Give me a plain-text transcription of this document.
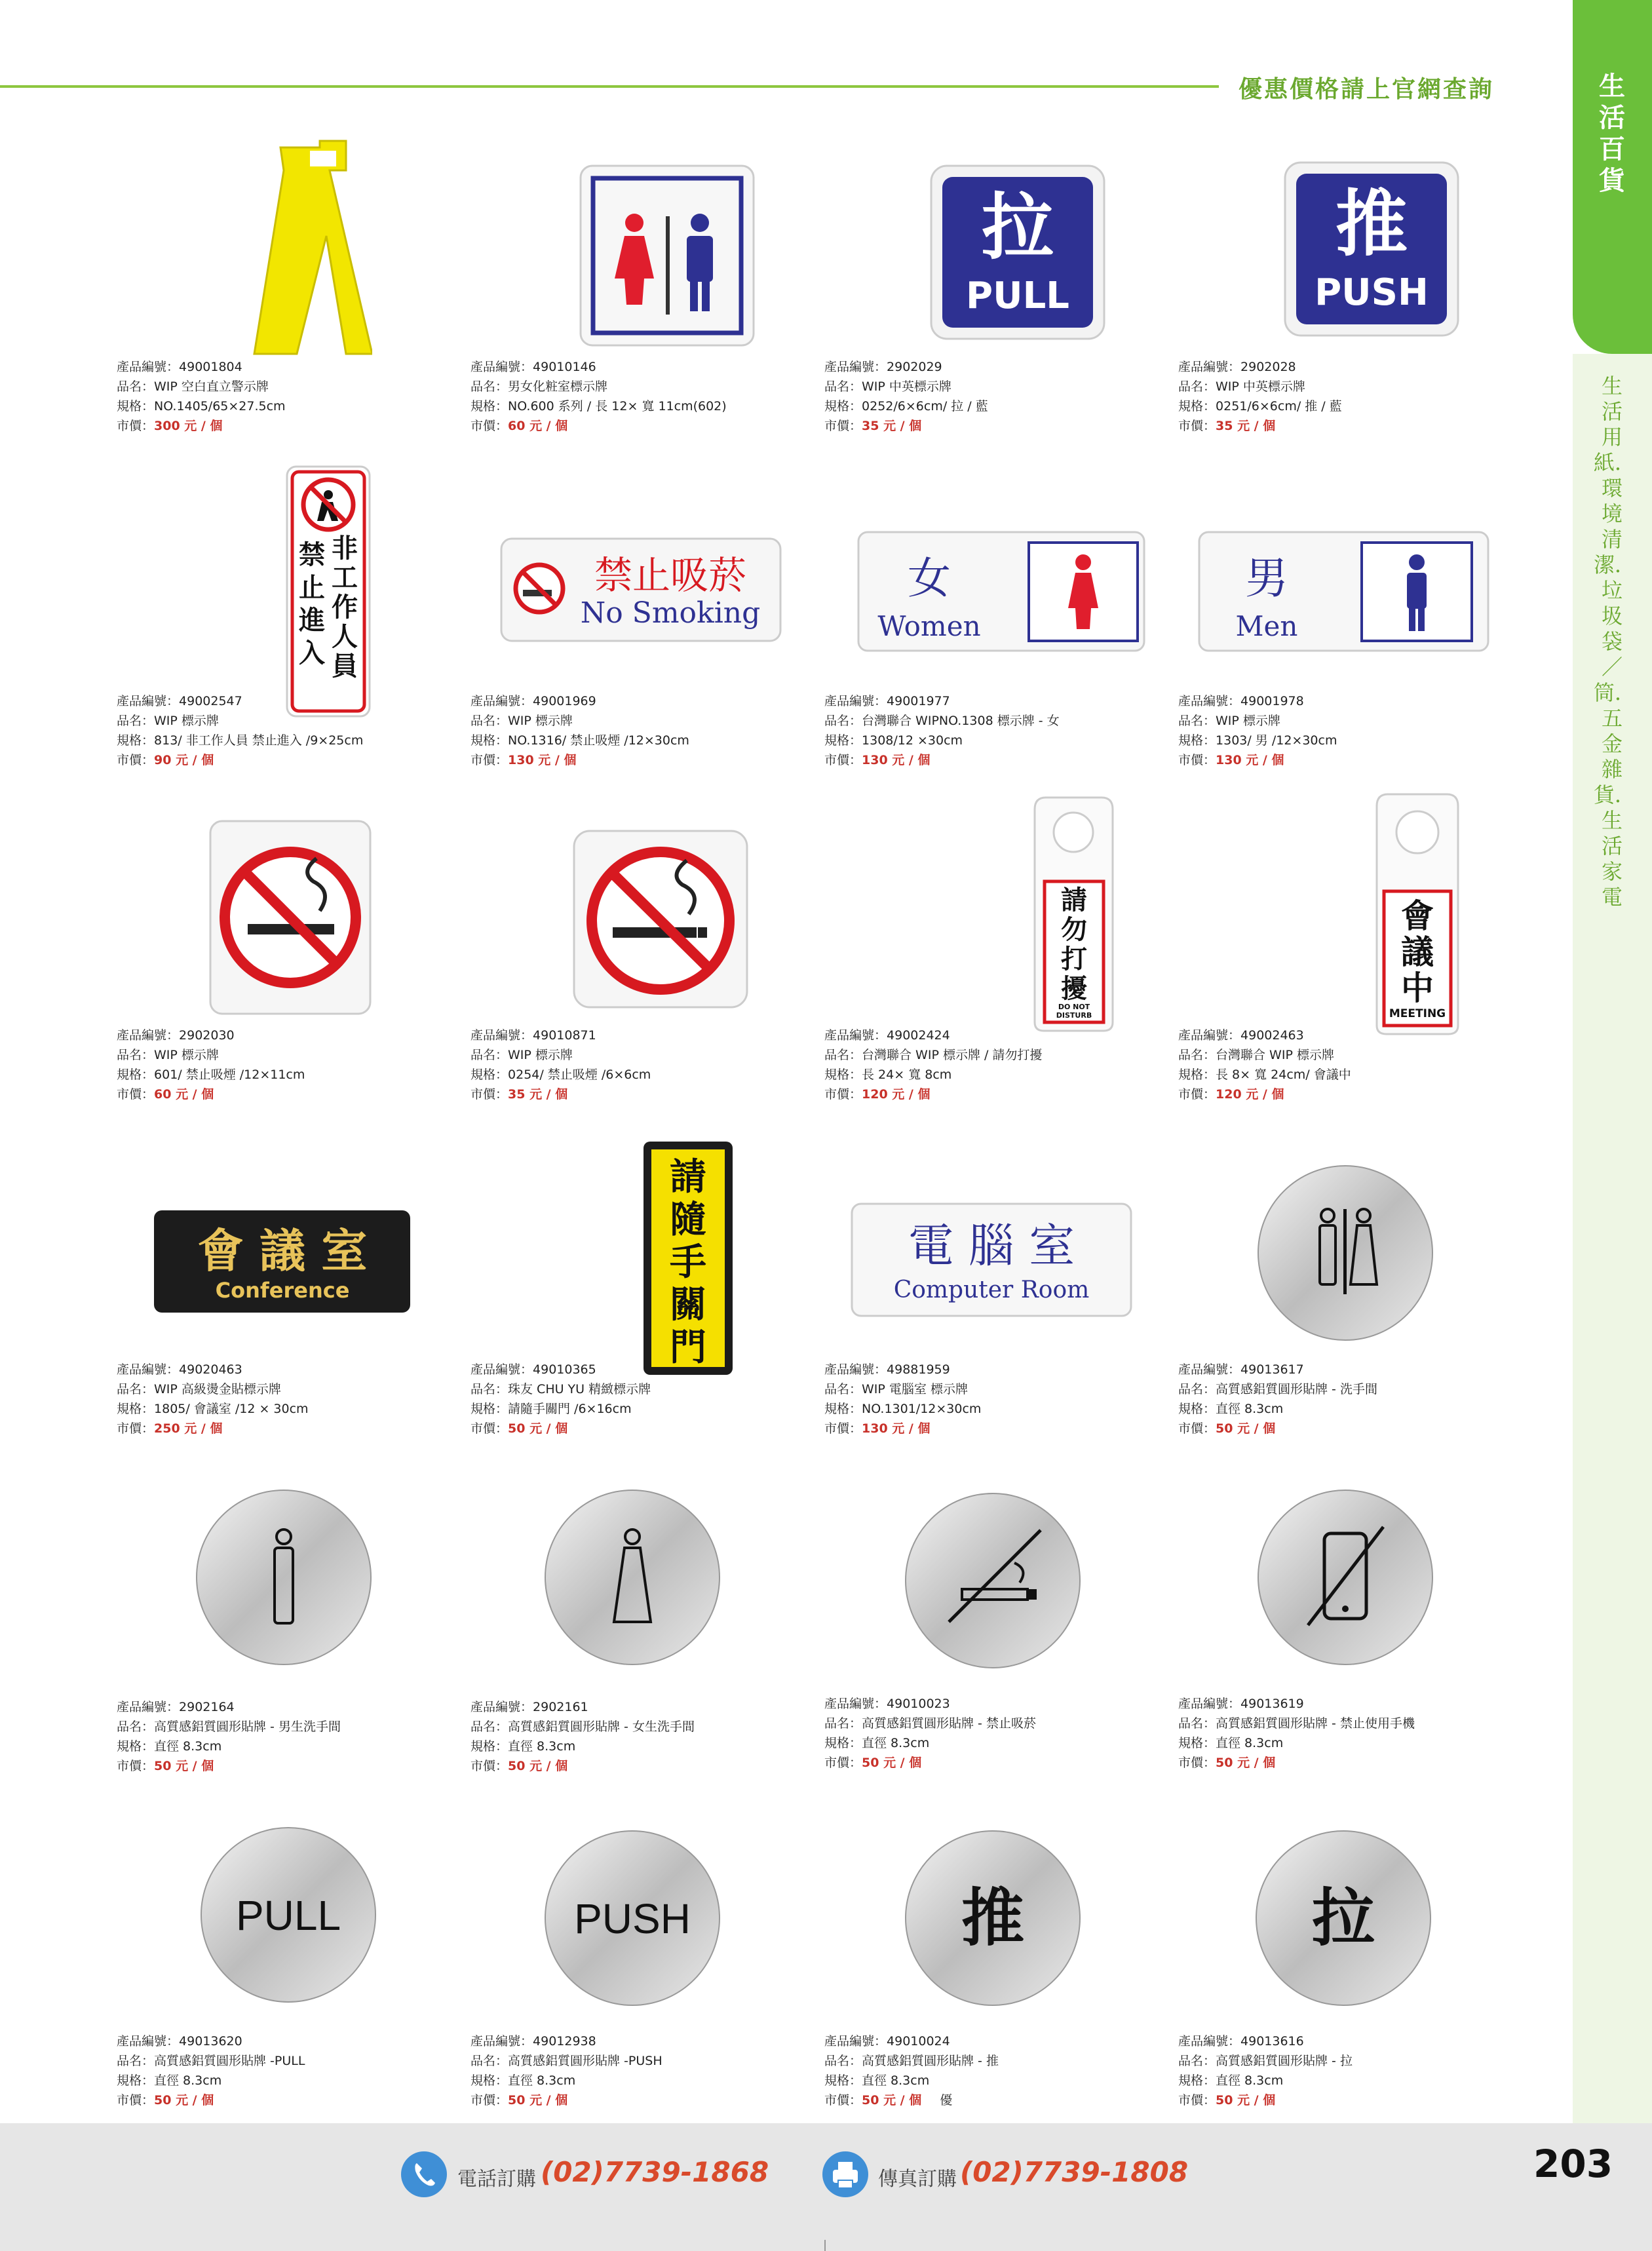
優惠價格請上官網查詢	生活百貨
生活用紙．環境清潔．垃圾袋／筒．五金雜貨．生活家電
產品編號：49001804
品名：WIP 空白直立警示牌
規格：NO.1405/65×27.5cm
市價：300 元 / 個
產品編號：49010146
品名：男女化粧室標示牌
規格：NO.600 系列 / 長 12× 寬 11cm(602)
市價：60 元 / 個
拉
PULL
產品編號：2902029
品名：WIP 中英標示牌
規格：0252/6×6cm/ 拉 / 藍
市價：35 元 / 個
推
PUSH
產品編號：2902028
品名：WIP 中英標示牌
規格：0251/6×6cm/ 推 / 藍
市價：35 元 / 個
非
工
作
人
員
禁
止
進
入
產品編號：49002547
品名：WIP 標示牌
規格：813/ 非工作人員 禁止進入 /9×25cm
市價：90 元 / 個
禁止吸菸
No Smoking
產品編號：49001969
品名：WIP 標示牌
規格：NO.1316/ 禁止吸煙 /12×30cm
市價：130 元 / 個
女
Women
產品編號：49001977
品名：台灣聯合 WIPNO.1308 標示牌 - 女
規格：1308/12 ×30cm
市價：130 元 / 個
男
Men
產品編號：49001978
品名：WIP 標示牌
規格：1303/ 男 /12×30cm
市價：130 元 / 個
產品編號：2902030
品名：WIP 標示牌
規格：601/ 禁止吸煙 /12×11cm
市價：60 元 / 個
產品編號：49010871
品名：WIP 標示牌
規格：0254/ 禁止吸煙 /6×6cm
市價：35 元 / 個
請
勿
打
擾
DO NOT
DISTURB
產品編號：49002424
品名：台灣聯合 WIP 標示牌 / 請勿打擾
規格：長 24× 寬 8cm
市價：120 元 / 個
會
議
中
MEETING
產品編號：49002463
品名：台灣聯合 WIP 標示牌
規格：長 8× 寬 24cm/ 會議中
市價：120 元 / 個
會 議 室
Conference
產品編號：49020463
品名：WIP 高級燙金貼標示牌
規格：1805/ 會議室 /12 × 30cm
市價：250 元 / 個
請
隨
手
關
門
產品編號：49010365
品名：珠友 CHU YU 精緻標示牌
規格：請隨手關門 /6×16cm
市價：50 元 / 個
電 腦 室
Computer Room
產品編號：49881959
品名：WIP 電腦室 標示牌
規格：NO.1301/12×30cm
市價：130 元 / 個
產品編號：49013617
品名：高質感鋁質圓形貼牌 - 洗手間
規格：直徑 8.3cm
市價：50 元 / 個
產品編號：2902164
品名：高質感鋁質圓形貼牌 - 男生洗手間
規格：直徑 8.3cm
市價：50 元 / 個
產品編號：2902161
品名：高質感鋁質圓形貼牌 - 女生洗手間
規格：直徑 8.3cm
市價：50 元 / 個
產品編號：49010023
品名：高質感鋁質圓形貼牌 - 禁止吸菸
規格：直徑 8.3cm
市價：50 元 / 個
產品編號：49013619
品名：高質感鋁質圓形貼牌 - 禁止使用手機
規格：直徑 8.3cm
市價：50 元 / 個
PULL
產品編號：49013620
品名：高質感鋁質圓形貼牌 -PULL
規格：直徑 8.3cm
市價：50 元 / 個
PUSH
產品編號：49012938
品名：高質感鋁質圓形貼牌 -PUSH
規格：直徑 8.3cm
市價：50 元 / 個
推
產品編號：49010024
品名：高質感鋁質圓形貼牌 - 推
規格：直徑 8.3cm
市價：50 元 / 個 優
拉
產品編號：49013616
品名：高質感鋁質圓形貼牌 - 拉
規格：直徑 8.3cm
市價：50 元 / 個
電話訂購 (02)7739-1868	傳真訂購 (02)7739-1808	203
